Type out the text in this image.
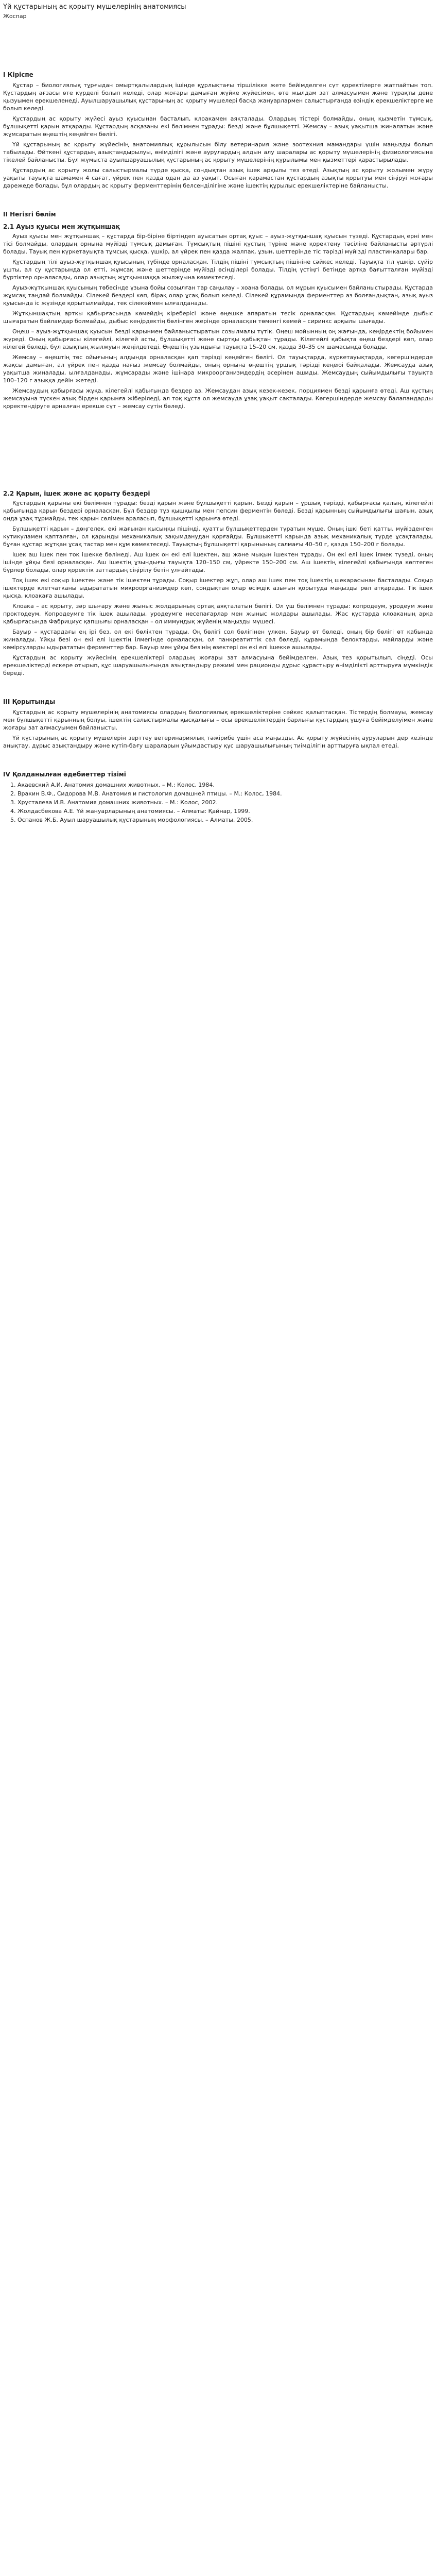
Үй құстарының ас қорыту мүшелерінің анатомиясы
Жоспар
I Кіріспе

Құстар – биологиялық тұрғыдан омыртқалылардың ішінде құрлықтағы тіршілікке жете бейімделген сүт қоректілерге жатпайтын топ. Құстардың ағзасы өте күрделі болып келеді, олар жоғары дамыған жүйке жүйесімен, өте жылдам зат алмасуымен және тұрақты дене қызуымен ерекшеленеді. Ауылшаруашылық құстарының ас қорыту мүшелері басқа жануарлармен салыстырғанда өзіндік ерекшеліктерге ие болып келеді.

Құстардың ас қорыту жүйесі ауыз қуысынан басталып, клоакамен аяқталады. Олардың тістері болмайды, оның қызметін тұмсық, бұлшықетті қарын атқарады. Құстардың асқазаны екі бөлімнен тұрады: безді және бұлшықетті. Жемсау – азық уақытша жиналатын және жұмсаратын өңештің кеңейген бөлігі.

Үй құстарының ас қорыту жүйесінің анатомиялық құрылысын білу ветеринария және зоотехния мамандары үшін маңызды болып табылады. Өйткені құстардың азықтандырылуы, өнімділігі және аурулардың алдын алу шаралары ас қорыту мүшелерінің физиологиясына тікелей байланысты. Бұл жұмыста ауылшаруашылық құстарының ас қорыту мүшелерінің құрылымы мен қызметтері қарастырылады.

Құстардың ас қорыту жолы салыстырмалы түрде қысқа, сондықтан азық ішек арқылы тез өтеді. Азықтың ас қорыту жолымен жүру уақыты тауықта шамамен 4 сағат, үйрек пен қазда одан да аз уақыт. Осыған қарамастан құстардың азықты қорытуы мен сіңіруі жоғары дәрежеде болады, бұл олардың ас қорыту ферменттерінің белсенділігіне және ішектің құрылыс ерекшеліктеріне байланысты.

II Негізгі бөлім
2.1 Ауыз қуысы мен жұтқыншақ

Ауыз қуысы мен жұтқыншақ – құстарда бір-біріне біртіндеп ауысатын ортақ қуыс – ауыз-жұтқыншақ қуысын түзеді. Құстардың ерні мен тісі болмайды, олардың орнына мүйізді тұмсық дамыған. Тұмсықтың пішіні құстың түріне және қоректену тәсіліне байланысты әртүрлі болады. Тауық пен күркетауықта тұмсық қысқа, үшкір, ал үйрек пен қазда жалпақ, ұзын, шеттерінде тіс тәрізді мүйізді пластинкалары бар.

Құстардың тілі ауыз-жұтқыншақ қуысының түбінде орналасқан. Тілдің пішіні тұмсықтың пішініне сәйкес келеді. Тауықта тіл үшкір, сүйір ұшты, ал су құстарында ол етті, жұмсақ және шеттерінде мүйізді өсінділері болады. Тілдің үстіңгі бетінде артқа бағытталған мүйізді бүртіктер орналасады, олар азықтың жұтқыншаққа жылжуына көмектеседі.

Ауыз-жұтқыншақ қуысының төбесінде ұзына бойы созылған тар саңылау – хоана болады, ол мұрын қуысымен байланыстырады. Құстарда жұмсақ таңдай болмайды. Сілекей бездері көп, бірақ олар ұсақ болып келеді. Сілекей құрамында ферменттер аз болғандықтан, азық ауыз қуысында іс жүзінде қорытылмайды, тек сілекеймен ылғалданады.

Жұтқыншақтың артқы қабырғасында көмейдің кіреберісі және өңешке апаратын тесік орналасқан. Құстардың көмейінде дыбыс шығаратын байламдар болмайды, дыбыс кеңірдектің бөлінген жерінде орналасқан төменгі көмей – сиринкс арқылы шығады.

Өңеш – ауыз-жұтқыншақ қуысын безді қарынмен байланыстыратын созылмалы түтік. Өңеш мойынның оң жағында, кеңірдектің бойымен жүреді. Оның қабырғасы кілегейлі, кілегей асты, бұлшықетті және сыртқы қабықтан тұрады. Кілегейлі қабықта өңеш бездері көп, олар кілегей бөледі, бұл азықтың жылжуын жеңілдетеді. Өңештің ұзындығы тауықта 15–20 см, қазда 30–35 см шамасында болады.

Жемсау – өңештің төс ойығының алдында орналасқан қап тәрізді кеңейген бөлігі. Ол тауықтарда, күркетауықтарда, көгершіндерде жақсы дамыған, ал үйрек пен қазда нағыз жемсау болмайды, оның орнына өңештің ұршық тәрізді кеңеюі байқалады. Жемсауда азық уақытша жиналады, ылғалданады, жұмсарады және ішінара микроорганизмдердің әсерінен ашиды. Жемсаудың сыйымдылығы тауықта 100–120 г азыққа дейін жетеді.

Жемсаудың қабырғасы жұқа, кілегейлі қабығында бездер аз. Жемсаудан азық кезек-кезек, порциямен безді қарынға өтеді. Аш құстың жемсауына түскен азық бірден қарынға жіберіледі, ал тоқ құста ол жемсауда ұзақ уақыт сақталады. Көгершіндерде жемсау балапандарды қоректендіруге арналған ерекше сүт – жемсау сүтін бөледі.

2.2 Қарын, ішек және ас қорыту бездері

Құстардың қарыны екі бөлімнен тұрады: безді қарын және бұлшықетті қарын. Безді қарын – ұршық тәрізді, қабырғасы қалың, кілегейлі қабығында қарын бездері орналасқан. Бұл бездер тұз қышқылы мен пепсин ферментін бөледі. Безді қарынның сыйымдылығы шағын, азық онда ұзақ тұрмайды, тек қарын сөлімен араласып, бұлшықетті қарынға өтеді.

Бұлшықетті қарын – дөңгелек, екі жағынан қысыңқы пішінді, қуатты бұлшықеттерден тұратын мүше. Оның ішкі беті қатты, мүйізденген кутикуламен қапталған, ол қарынды механикалық зақымданудан қорғайды. Бұлшықетті қарында азық механикалық түрде ұсақталады, бұған құстар жұтқан ұсақ тастар мен құм көмектеседі. Тауықтың бұлшықетті қарынының салмағы 40–50 г, қазда 150–200 г болады.

Ішек аш ішек пен тоқ ішекке бөлінеді. Аш ішек он екі елі ішектен, аш және мықын ішектен тұрады. Он екі елі ішек ілмек түзеді, оның ішінде ұйқы безі орналасқан. Аш ішектің ұзындығы тауықта 120–150 см, үйректе 150–200 см. Аш ішектің кілегейлі қабығында көптеген бүрлер болады, олар қоректік заттардың сіңірілу бетін ұлғайтады.

Тоқ ішек екі соқыр ішектен және тік ішектен тұрады. Соқыр ішектер жұп, олар аш ішек пен тоқ ішектің шекарасынан басталады. Соқыр ішектерде клетчатканы ыдырататын микроорганизмдер көп, сондықтан олар өсімдік азығын қорытуда маңызды рөл атқарады. Тік ішек қысқа, клоакаға ашылады.

Клоака – ас қорыту, зәр шығару және жыныс жолдарының ортақ аяқталатын бөлігі. Ол үш бөлімнен тұрады: копродеум, уродеум және проктодеум. Копродеумге тік ішек ашылады, уродеумге несепағарлар мен жыныс жолдары ашылады. Жас құстарда клоаканың арқа қабырғасында Фабрициус қапшығы орналасқан – ол иммундық жүйенің маңызды мүшесі.

Бауыр – құстардағы ең ірі без, ол екі бөліктен тұрады. Оң бөлігі сол бөлігінен үлкен. Бауыр өт бөледі, оның бір бөлігі өт қабында жиналады. Ұйқы безі он екі елі ішектің ілмегінде орналасқан, ол панкреатиттік сөл бөледі, құрамында белоктарды, майларды және көмірсуларды ыдырататын ферменттер бар. Бауыр мен ұйқы безінің өзектері он екі елі ішекке ашылады.

Құстардың ас қорыту жүйесінің ерекшеліктері олардың жоғары зат алмасуына бейімделген. Азық тез қорытылып, сіңеді. Осы ерекшеліктерді ескере отырып, құс шаруашылығында азықтандыру режимі мен рационды дұрыс құрастыру өнімділікті арттыруға мүмкіндік береді.

III Қорытынды

Құстардың ас қорыту мүшелерінің анатомиясы олардың биологиялық ерекшеліктеріне сәйкес қалыптасқан. Тістердің болмауы, жемсау мен бұлшықетті қарынның болуы, ішектің салыстырмалы қысқалығы – осы ерекшеліктердің барлығы құстардың ұшуға бейімделуімен және жоғары зат алмасуымен байланысты.

Үй құстарының ас қорыту мүшелерін зерттеу ветеринариялық тәжірибе үшін аса маңызды. Ас қорыту жүйесінің ауруларын дер кезінде анықтау, дұрыс азықтандыру және күтіп-бағу шараларын ұйымдастыру құс шаруашылығының тиімділігін арттыруға ықпал етеді.

IV Қолданылған әдебиеттер тізімі
1. Акаевский А.И. Анатомия домашних животных. – М.: Колос, 1984.
2. Вракин В.Ф., Сидорова М.В. Анатомия и гистология домашней птицы. – М.: Колос, 1984.
3. Хрусталева И.В. Анатомия домашних животных. – М.: Колос, 2002.
4. Жолдасбекова А.Е. Үй жануарларының анатомиясы. – Алматы: Қайнар, 1999.
5. Оспанов Ж.Б. Ауыл шаруашылық құстарының морфологиясы. – Алматы, 2005.
